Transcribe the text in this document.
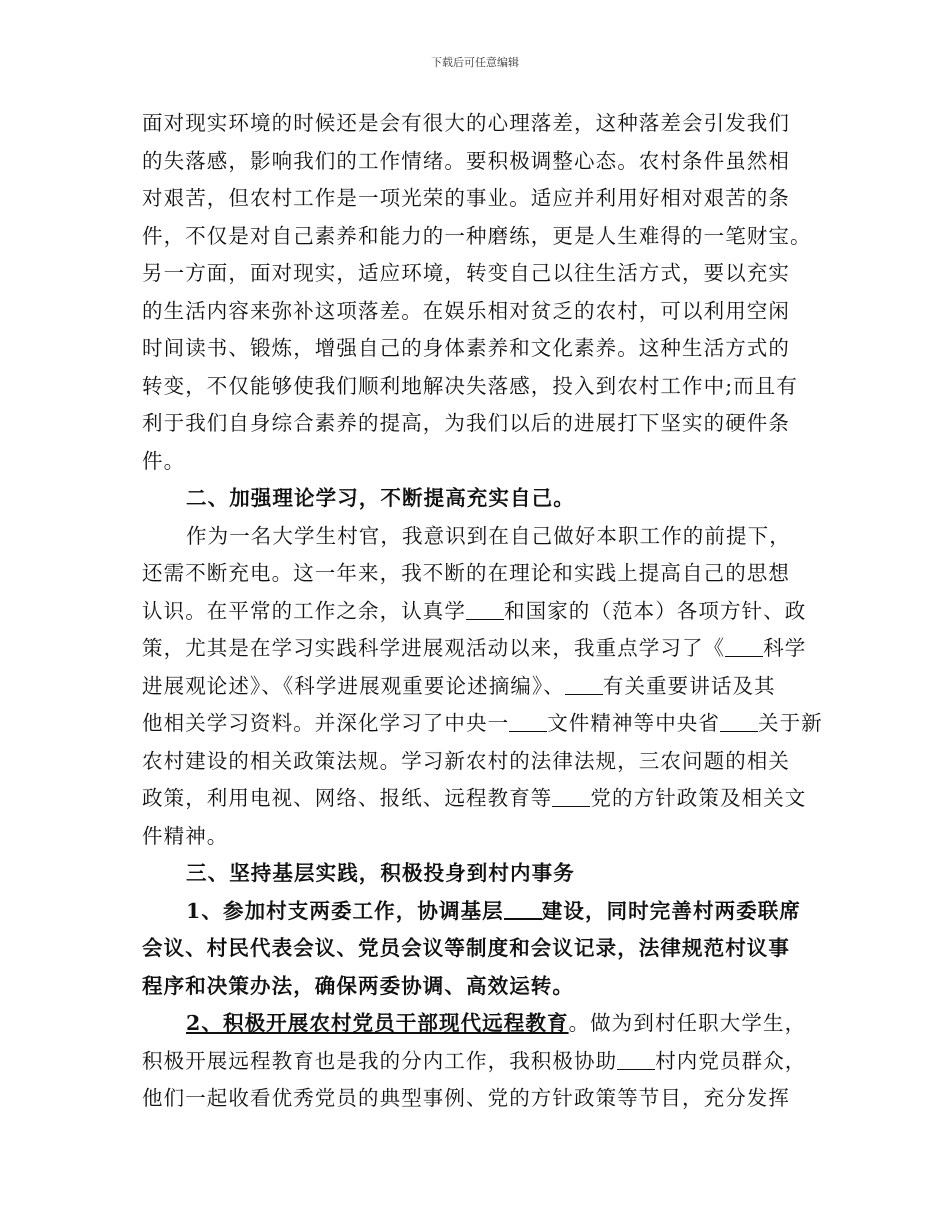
下载后可任意编辑
面对现实环境的时候还是会有很大的心理落差，这种落差会引发我们
的失落感，影响我们的工作情绪。要积极调整心态。农村条件虽然相
对艰苦，但农村工作是一项光荣的事业。适应并利用好相对艰苦的条
件，不仅是对自己素养和能力的一种磨练，更是人生难得的一笔财宝。
另一方面，面对现实，适应环境，转变自己以往生活方式，要以充实
的生活内容来弥补这项落差。在娱乐相对贫乏的农村，可以利用空闲
时间读书、锻炼，增强自己的身体素养和文化素养。这种生活方式的
转变，不仅能够使我们顺利地解决失落感，投入到农村工作中;而且有
利于我们自身综合素养的提高，为我们以后的进展打下坚实的硬件条
件。
二、加强理论学习，不断提高充实自己。
作为一名大学生村官，我意识到在自己做好本职工作的前提下，
还需不断充电。这一年来，我不断的在理论和实践上提高自己的思想
认识。在平常的工作之余，认真学 和国家的（范本）各项方针、政
策，尤其是在学习实践科学进展观活动以来，我重点学习了《 科学
进展观论述》、《科学进展观重要论述摘编》、 有关重要讲话及其
他相关学习资料。并深化学习了中央一 文件精神等中央省 关于新
农村建设的相关政策法规。学习新农村的法律法规，三农问题的相关
政策，利用电视、网络、报纸、远程教育等 党的方针政策及相关文
件精神。
三、坚持基层实践，积极投身到村内事务
1、参加村支两委工作，协调基层 建设，同时完善村两委联席
会议、村民代表会议、党员会议等制度和会议记录，法律规范村议事
程序和决策办法，确保两委协调、高效运转。
2、积极开展农村党员干部现代远程教育。做为到村任职大学生，
积极开展远程教育也是我的分内工作，我积极协助 村内党员群众，
他们一起收看优秀党员的典型事例、党的方针政策等节目，充分发挥
